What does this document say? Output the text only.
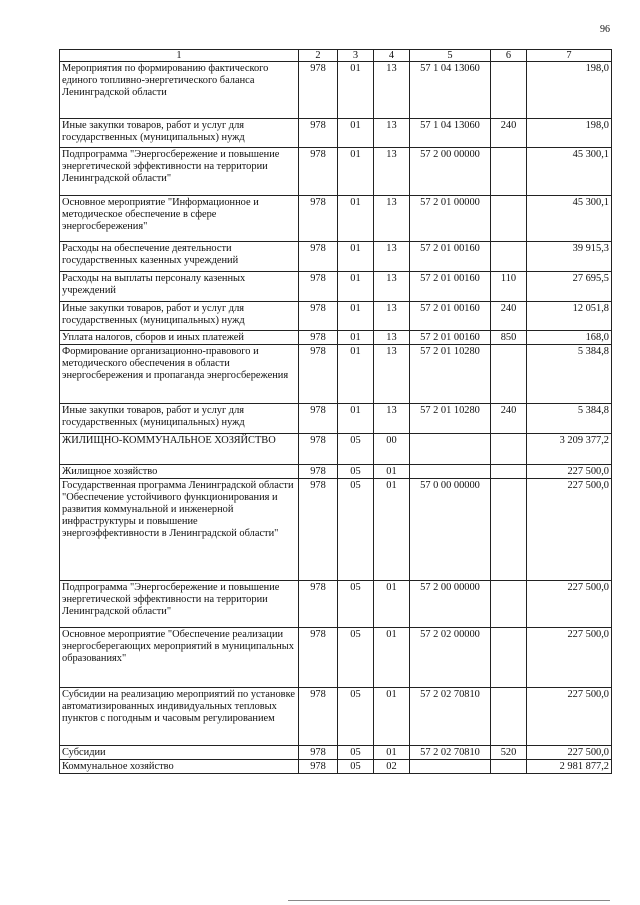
96
1	2	3	4	5	6	7
Мероприятия по формированию фактического единого топливно-энергетического баланса Ленинградской области	978	01	13	57 1 04 13060		198,0
Иные закупки товаров, работ и услуг для государственных (муниципальных) нужд	978	01	13	57 1 04 13060	240	198,0
Подпрограмма "Энергосбережение и повышение энергетической эффективности на территории Ленинградской области"	978	01	13	57 2 00 00000		45 300,1
Основное мероприятие "Информационное и методическое обеспечение в сфере энергосбережения"	978	01	13	57 2 01 00000		45 300,1
Расходы на обеспечение деятельности государственных казенных учреждений	978	01	13	57 2 01 00160		39 915,3
Расходы на выплаты персоналу казенных учреждений	978	01	13	57 2 01 00160	110	27 695,5
Иные закупки товаров, работ и услуг для государственных (муниципальных) нужд	978	01	13	57 2 01 00160	240	12 051,8
Уплата налогов, сборов и иных платежей	978	01	13	57 2 01 00160	850	168,0
Формирование организационно-правового и методического обеспечения в области энергосбережения и пропаганда энергосбережения	978	01	13	57 2 01 10280		5 384,8
Иные закупки товаров, работ и услуг для государственных (муниципальных) нужд	978	01	13	57 2 01 10280	240	5 384,8
ЖИЛИЩНО-КОММУНАЛЬНОЕ ХОЗЯЙСТВО	978	05	00			3 209 377,2
Жилищное хозяйство	978	05	01			227 500,0
Государственная программа Ленинградской области "Обеспечение устойчивого функционирования и развития коммунальной и инженерной инфраструктуры и повышение энергоэффективности в Ленинградской области"	978	05	01	57 0 00 00000		227 500,0
Подпрограмма "Энергосбережение и повышение энергетической эффективности на территории Ленинградской области"	978	05	01	57 2 00 00000		227 500,0
Основное мероприятие "Обеспечение реализации энергосберегающих мероприятий в муниципальных образованиях"	978	05	01	57 2 02 00000		227 500,0
Субсидии на реализацию мероприятий по установке автоматизированных индивидуальных тепловых пунктов с погодным и часовым регулированием	978	05	01	57 2 02 70810		227 500,0
Субсидии	978	05	01	57 2 02 70810	520	227 500,0
Коммунальное хозяйство	978	05	02			2 981 877,2
